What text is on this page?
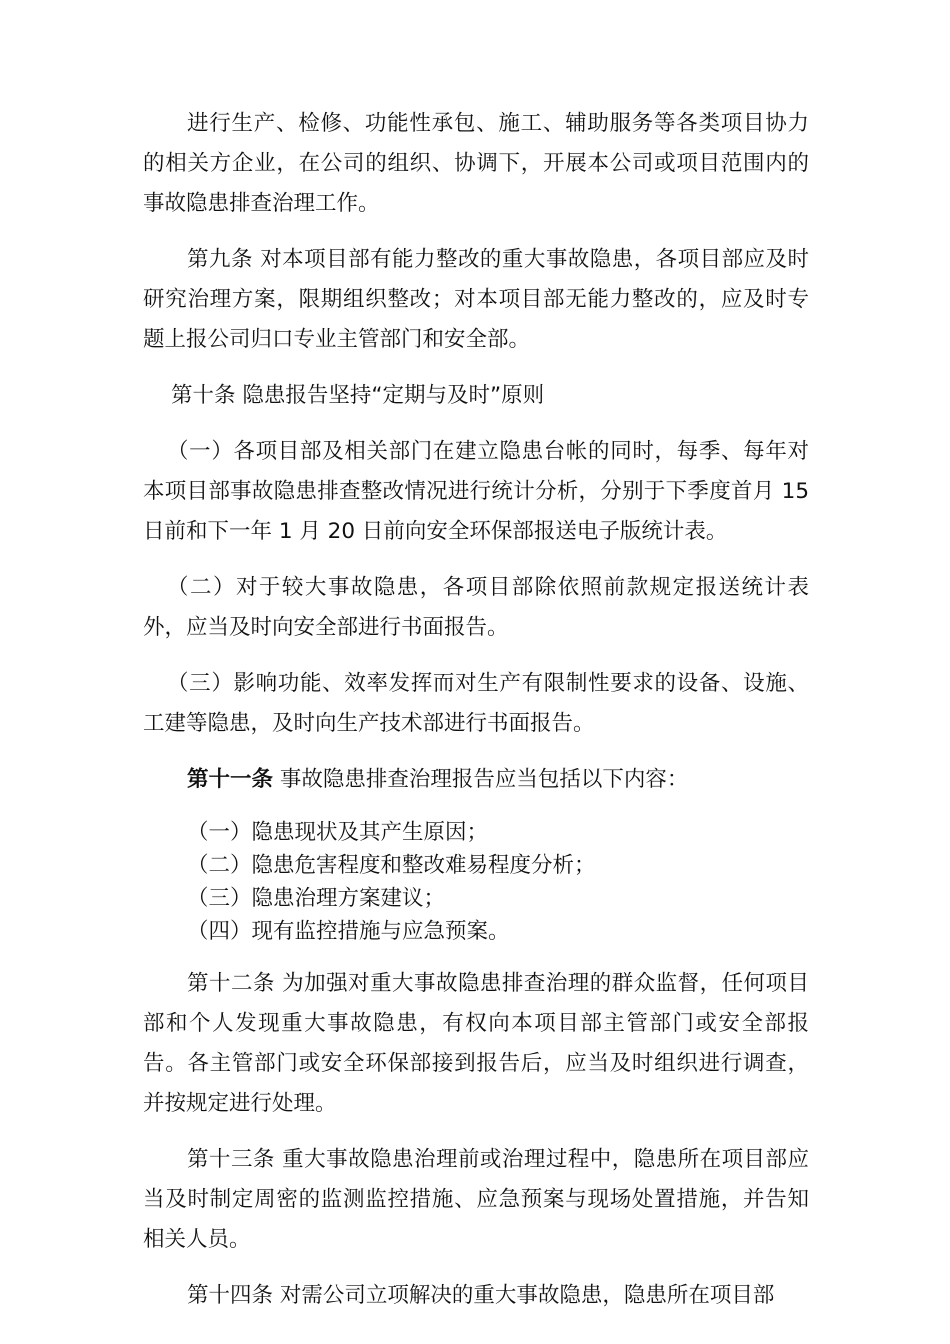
进行生产、检修、功能性承包、施工、辅助服务等各类项目协力的相关方企业，在公司的组织、协调下，开展本公司或项目范围内的事故隐患排查治理工作。

第九条 对本项目部有能力整改的重大事故隐患，各项目部应及时研究治理方案，限期组织整改；对本项目部无能力整改的，应及时专题上报公司归口专业主管部门和安全部。

第十条 隐患报告坚持“定期与及时”原则

（一）各项目部及相关部门在建立隐患台帐的同时，每季、每年对本项目部事故隐患排查整改情况进行统计分析，分别于下季度首月 15 日前和下一年 1 月 20 日前向安全环保部报送电子版统计表。

（二）对于较大事故隐患，各项目部除依照前款规定报送统计表外，应当及时向安全部进行书面报告。

（三）影响功能、效率发挥而对生产有限制性要求的设备、设施、工建等隐患，及时向生产技术部进行书面报告。

第十一条 事故隐患排查治理报告应当包括以下内容：

（一）隐患现状及其产生原因；
（二）隐患危害程度和整改难易程度分析；
（三）隐患治理方案建议；
（四）现有监控措施与应急预案。

第十二条 为加强对重大事故隐患排查治理的群众监督，任何项目部和个人发现重大事故隐患，有权向本项目部主管部门或安全部报告。各主管部门或安全环保部接到报告后，应当及时组织进行调查，并按规定进行处理。

第十三条 重大事故隐患治理前或治理过程中，隐患所在项目部应当及时制定周密的监测监控措施、应急预案与现场处置措施，并告知相关人员。

第十四条 对需公司立项解决的重大事故隐患，隐患所在项目部
